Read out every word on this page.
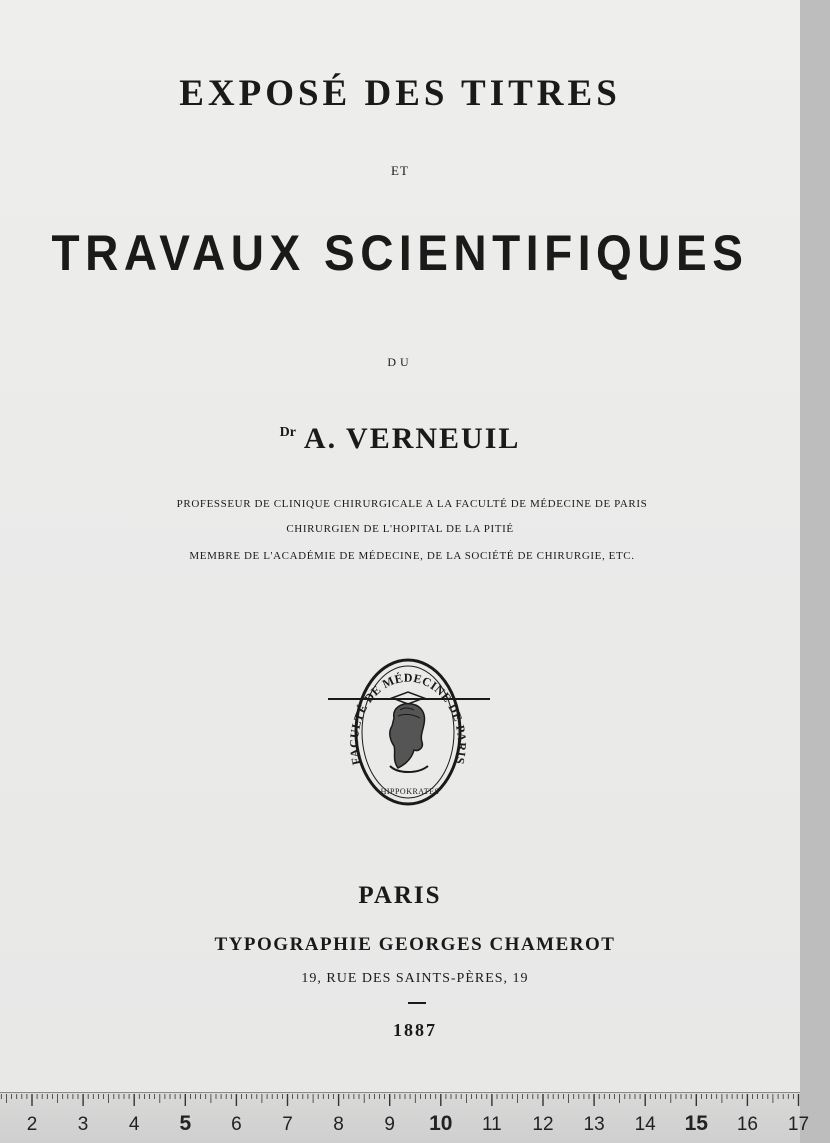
EXPOSÉ DES TITRES
ET
TRAVAUX SCIENTIFIQUES
DU
$^{Dr}$ A. VERNEUIL
PROFESSEUR DE CLINIQUE CHIRURGICALE A LA FACULTÉ DE MÉDECINE DE PARIS
CHIRURGIEN DE L'HOPITAL DE LA PITIÉ
MEMBRE DE L'ACADÉMIE DE MÉDECINE, DE LA SOCIÉTÉ DE CHIRURGIE, ETC.
FACULTÉ DE MÉDECINE DE PARIS
HIPPOKRATES
PARIS
TYPOGRAPHIE GEORGES CHAMEROT
19, RUE DES SAINTS-PÈRES, 19
1887
2 3 4 5 6 7 8 9 10 11 12 13 14 15 16 17
